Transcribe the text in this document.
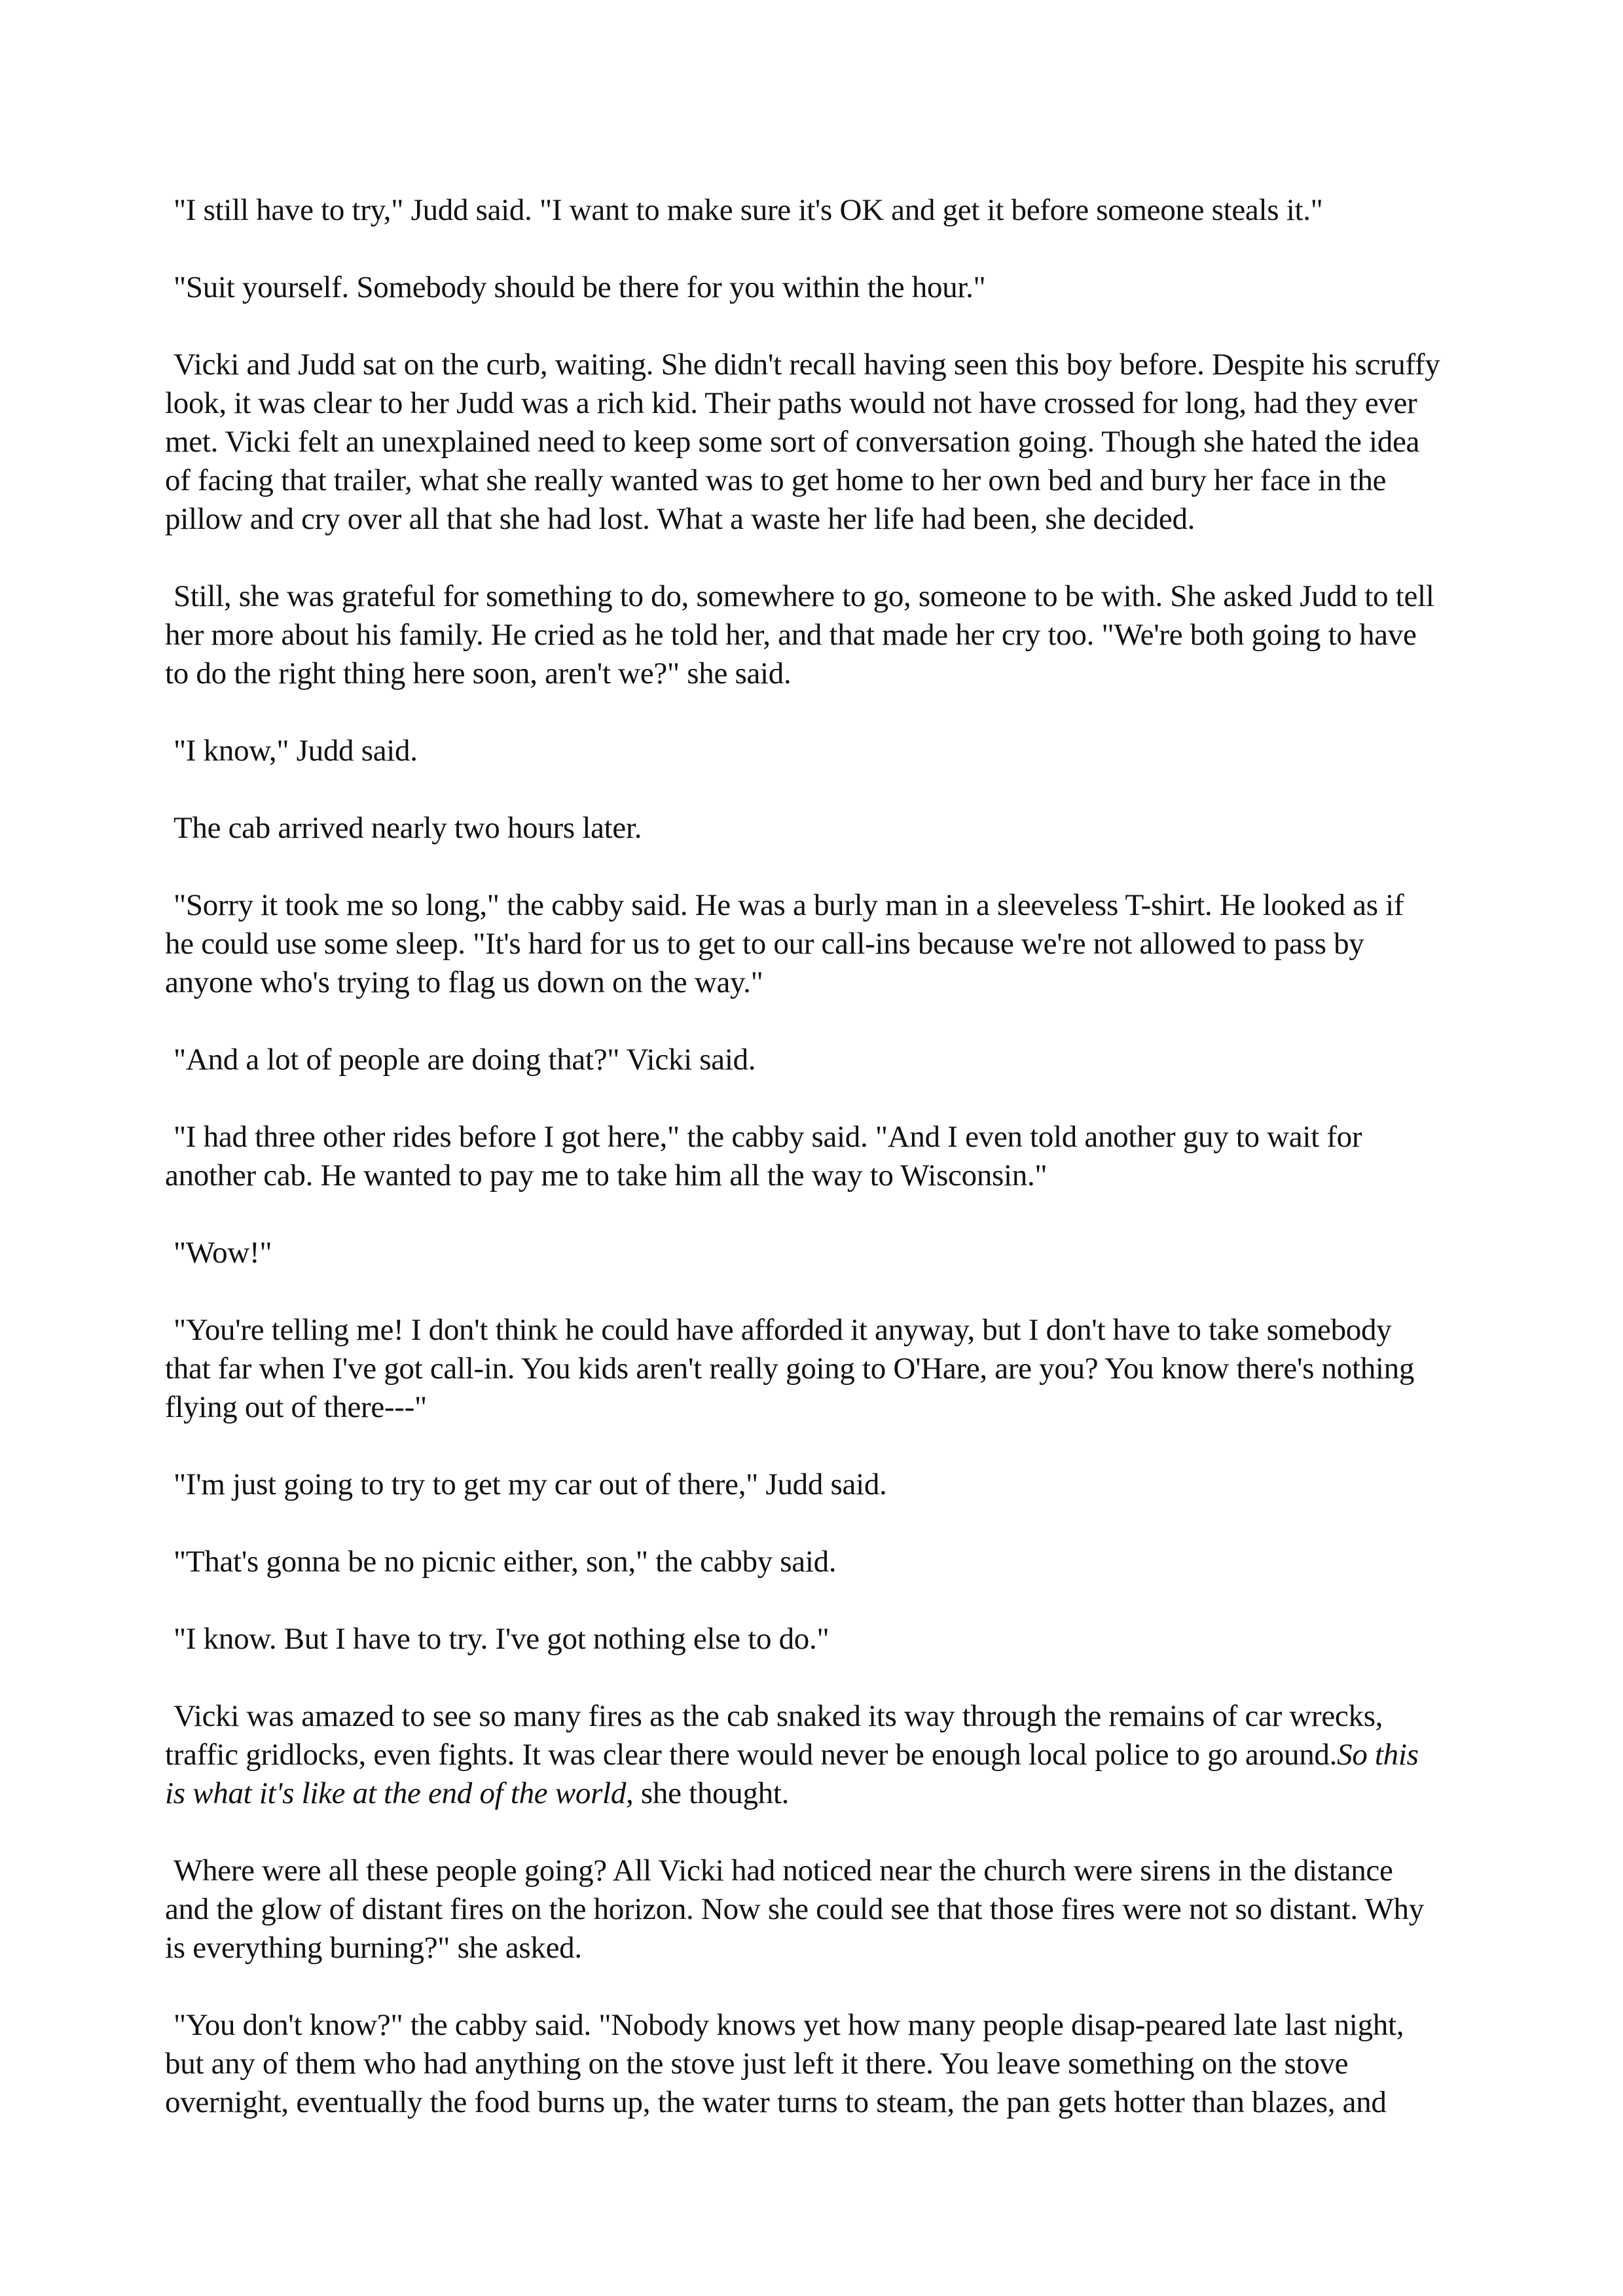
"I still have to try," Judd said. "I want to make sure it's OK and get it before someone steals it."

"Suit yourself. Somebody should be there for you within the hour."

Vicki and Judd sat on the curb, waiting. She didn't recall having seen this boy before. Despite his scruffy
look, it was clear to her Judd was a rich kid. Their paths would not have crossed for long, had they ever
met. Vicki felt an unexplained need to keep some sort of conversation going. Though she hated the idea
of facing that trailer, what she really wanted was to get home to her own bed and bury her face in the
pillow and cry over all that she had lost. What a waste her life had been, she decided.

Still, she was grateful for something to do, somewhere to go, someone to be with. She asked Judd to tell
her more about his family. He cried as he told her, and that made her cry too. "We're both going to have
to do the right thing here soon, aren't we?" she said.

"I know," Judd said.

The cab arrived nearly two hours later.

"Sorry it took me so long," the cabby said. He was a burly man in a sleeveless T-shirt. He looked as if
he could use some sleep. "It's hard for us to get to our call-ins because we're not allowed to pass by
anyone who's trying to flag us down on the way."

"And a lot of people are doing that?" Vicki said.

"I had three other rides before I got here," the cabby said. "And I even told another guy to wait for
another cab. He wanted to pay me to take him all the way to Wisconsin."

"Wow!"

"You're telling me! I don't think he could have afforded it anyway, but I don't have to take somebody
that far when I've got call-in. You kids aren't really going to O'Hare, are you? You know there's nothing
flying out of there---"

"I'm just going to try to get my car out of there," Judd said.

"That's gonna be no picnic either, son," the cabby said.

"I know. But I have to try. I've got nothing else to do."

Vicki was amazed to see so many fires as the cab snaked its way through the remains of car wrecks,
traffic gridlocks, even fights. It was clear there would never be enough local police to go around.So this
is what it's like at the end of the world, she thought.

Where were all these people going? All Vicki had noticed near the church were sirens in the distance
and the glow of distant fires on the horizon. Now she could see that those fires were not so distant. Why
is everything burning?" she asked.

"You don't know?" the cabby said. "Nobody knows yet how many people disap-peared late last night,
but any of them who had anything on the stove just left it there. You leave something on the stove
overnight, eventually the food burns up, the water turns to steam, the pan gets hotter than blazes, and
